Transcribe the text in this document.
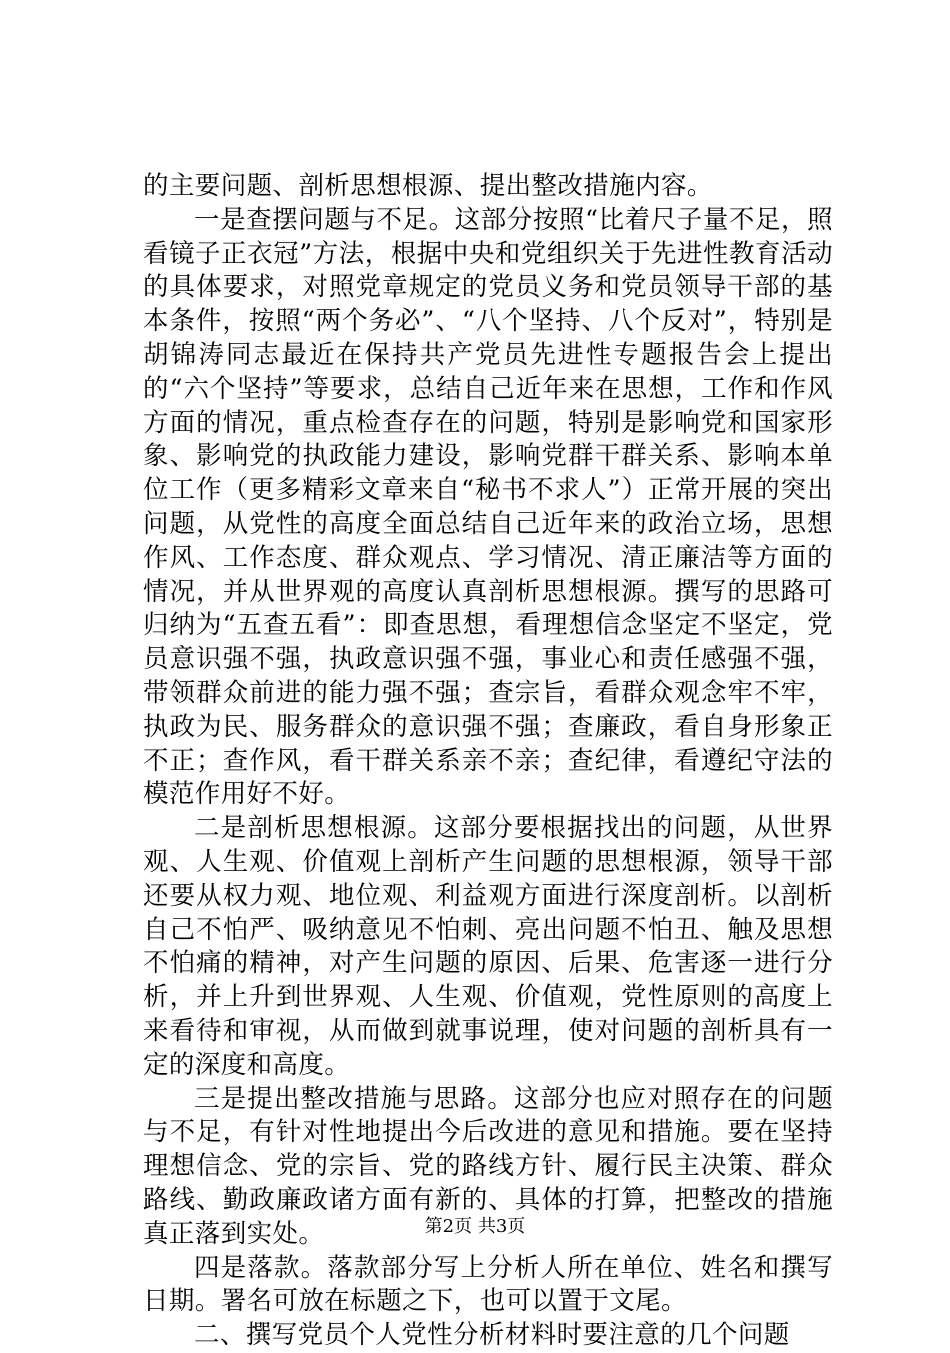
的主要问题、剖析思想根源、提出整改措施内容。

一是查摆问题与不足。这部分按照“比着尺子量不足，照看镜子正衣冠”方法，根据中央和党组织关于先进性教育活动的具体要求，对照党章规定的党员义务和党员领导干部的基本条件，按照“两个务必”、“八个坚持、八个反对”，特别是胡锦涛同志最近在保持共产党员先进性专题报告会上提出的“六个坚持”等要求，总结自己近年来在思想，工作和作风方面的情况，重点检查存在的问题，特别是影响党和国家形象、影响党的执政能力建设，影响党群干群关系、影响本单位工作（更多精彩文章来自“秘书不求人”）正常开展的突出问题，从党性的高度全面总结自己近年来的政治立场，思想作风、工作态度、群众观点、学习情况、清正廉洁等方面的情况，并从世界观的高度认真剖析思想根源。撰写的思路可归纳为“五查五看”：即查思想，看理想信念坚定不坚定，党员意识强不强，执政意识强不强，事业心和责任感强不强，带领群众前进的能力强不强；查宗旨，看群众观念牢不牢，执政为民、服务群众的意识强不强；查廉政，看自身形象正不正；查作风，看干群关系亲不亲；查纪律，看遵纪守法的模范作用好不好。

二是剖析思想根源。这部分要根据找出的问题，从世界观、人生观、价值观上剖析产生问题的思想根源，领导干部还要从权力观、地位观、利益观方面进行深度剖析。以剖析自己不怕严、吸纳意见不怕刺、亮出问题不怕丑、触及思想不怕痛的精神，对产生问题的原因、后果、危害逐一进行分析，并上升到世界观、人生观、价值观，党性原则的高度上来看待和审视，从而做到就事说理，使对问题的剖析具有一定的深度和高度。

三是提出整改措施与思路。这部分也应对照存在的问题与不足，有针对性地提出今后改进的意见和措施。要在坚持理想信念、党的宗旨、党的路线方针、履行民主决策、群众路线、勤政廉政诸方面有新的、具体的打算，把整改的措施真正落到实处。

四是落款。落款部分写上分析人所在单位、姓名和撰写日期。署名可放在标题之下，也可以置于文尾。

二、撰写党员个人党性分析材料时要注意的几个问题

第2页 共3页
